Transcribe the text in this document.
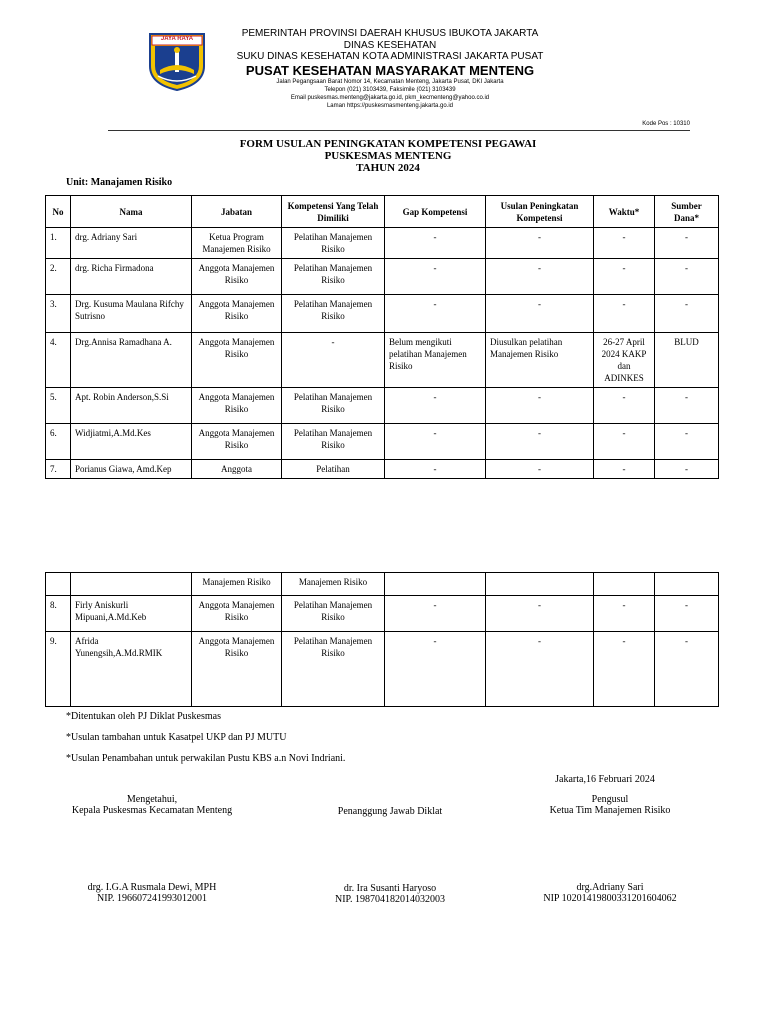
JAYA RAYA	PEMERINTAH PROVINSI DAERAH KHUSUS IBUKOTA JAKARTA
DINAS KESEHATAN
SUKU DINAS KESEHATAN KOTA ADMINISTRASI JAKARTA PUSAT
PUSAT KESEHATAN MASYARAKAT MENTENG
Jalan Pegangsaan Barat Nomor 14, Kecamatan Menteng, Jakarta Pusat, DKI Jakarta
Telepon (021) 3103439, Faksimile (021) 3103439
Email puskesmas.menteng@jakarta.go.id, pkm_kecmenteng@yahoo.co.id
Laman https://puskesmasmenteng.jakarta.go.id
Kode Pos : 10310
FORM USULAN PENINGKATAN KOMPETENSI PEGAWAI
PUSKESMAS MENTENG
TAHUN 2024
Unit: Manajamen Risiko
No	Nama	Jabatan	Kompetensi Yang Telah Dimiliki	Gap Kompetensi	Usulan Peningkatan Kompetensi	Waktu*	Sumber Dana*
1.	drg. Adriany Sari	Ketua Program Manajemen Risiko	Pelatihan Manajemen Risiko	-	-	-	-
2.	drg. Richa Firmadona	Anggota Manajemen Risiko	Pelatihan Manajemen Risiko	-	-	-	-
3.	Drg. Kusuma Maulana Rifchy Sutrisno	Anggota Manajemen Risiko	Pelatihan Manajemen Risiko	-	-	-	-
4.	Drg.Annisa Ramadhana A.	Anggota Manajemen Risiko	-	Belum mengikuti pelatihan Manajemen Risiko	Diusulkan pelatihan Manajemen Risiko	26-27 April 2024 KAKP dan ADINKES	BLUD
5.	Apt. Robin Anderson,S.Si	Anggota Manajemen Risiko	Pelatihan Manajemen Risiko	-	-	-	-
6.	Widjiatmi,A.Md.Kes	Anggota Manajemen Risiko	Pelatihan Manajemen Risiko	-	-	-	-
7.	Porianus Giawa, Amd.Kep	Anggota	Pelatihan	-	-	-	-
		Manajemen Risiko	Manajemen Risiko				
8.	Firly Aniskurli Mipuani,A.Md.Keb	Anggota Manajemen Risiko	Pelatihan Manajemen Risiko	-	-	-	-
9.	Afrida Yunengsih,A.Md.RMIK	Anggota Manajemen Risiko	Pelatihan Manajemen Risiko	-	-	-	-
*Ditentukan oleh PJ Diklat Puskesmas
*Usulan tambahan untuk Kasatpel UKP dan PJ MUTU
*Usulan Penambahan untuk perwakilan Pustu KBS a.n Novi Indriani.
Jakarta,16 Februari 2024
Mengetahui,
Kepala Puskesmas Kecamatan Menteng
drg. I.G.A Rusmala Dewi, MPH
NIP. 196607241993012001
Penanggung Jawab Diklat
dr. Ira Susanti Haryoso
NIP. 198704182014032003
Pengusul
Ketua Tim Manajemen Risiko
drg.Adriany Sari
NIP 10201419800331201604062
